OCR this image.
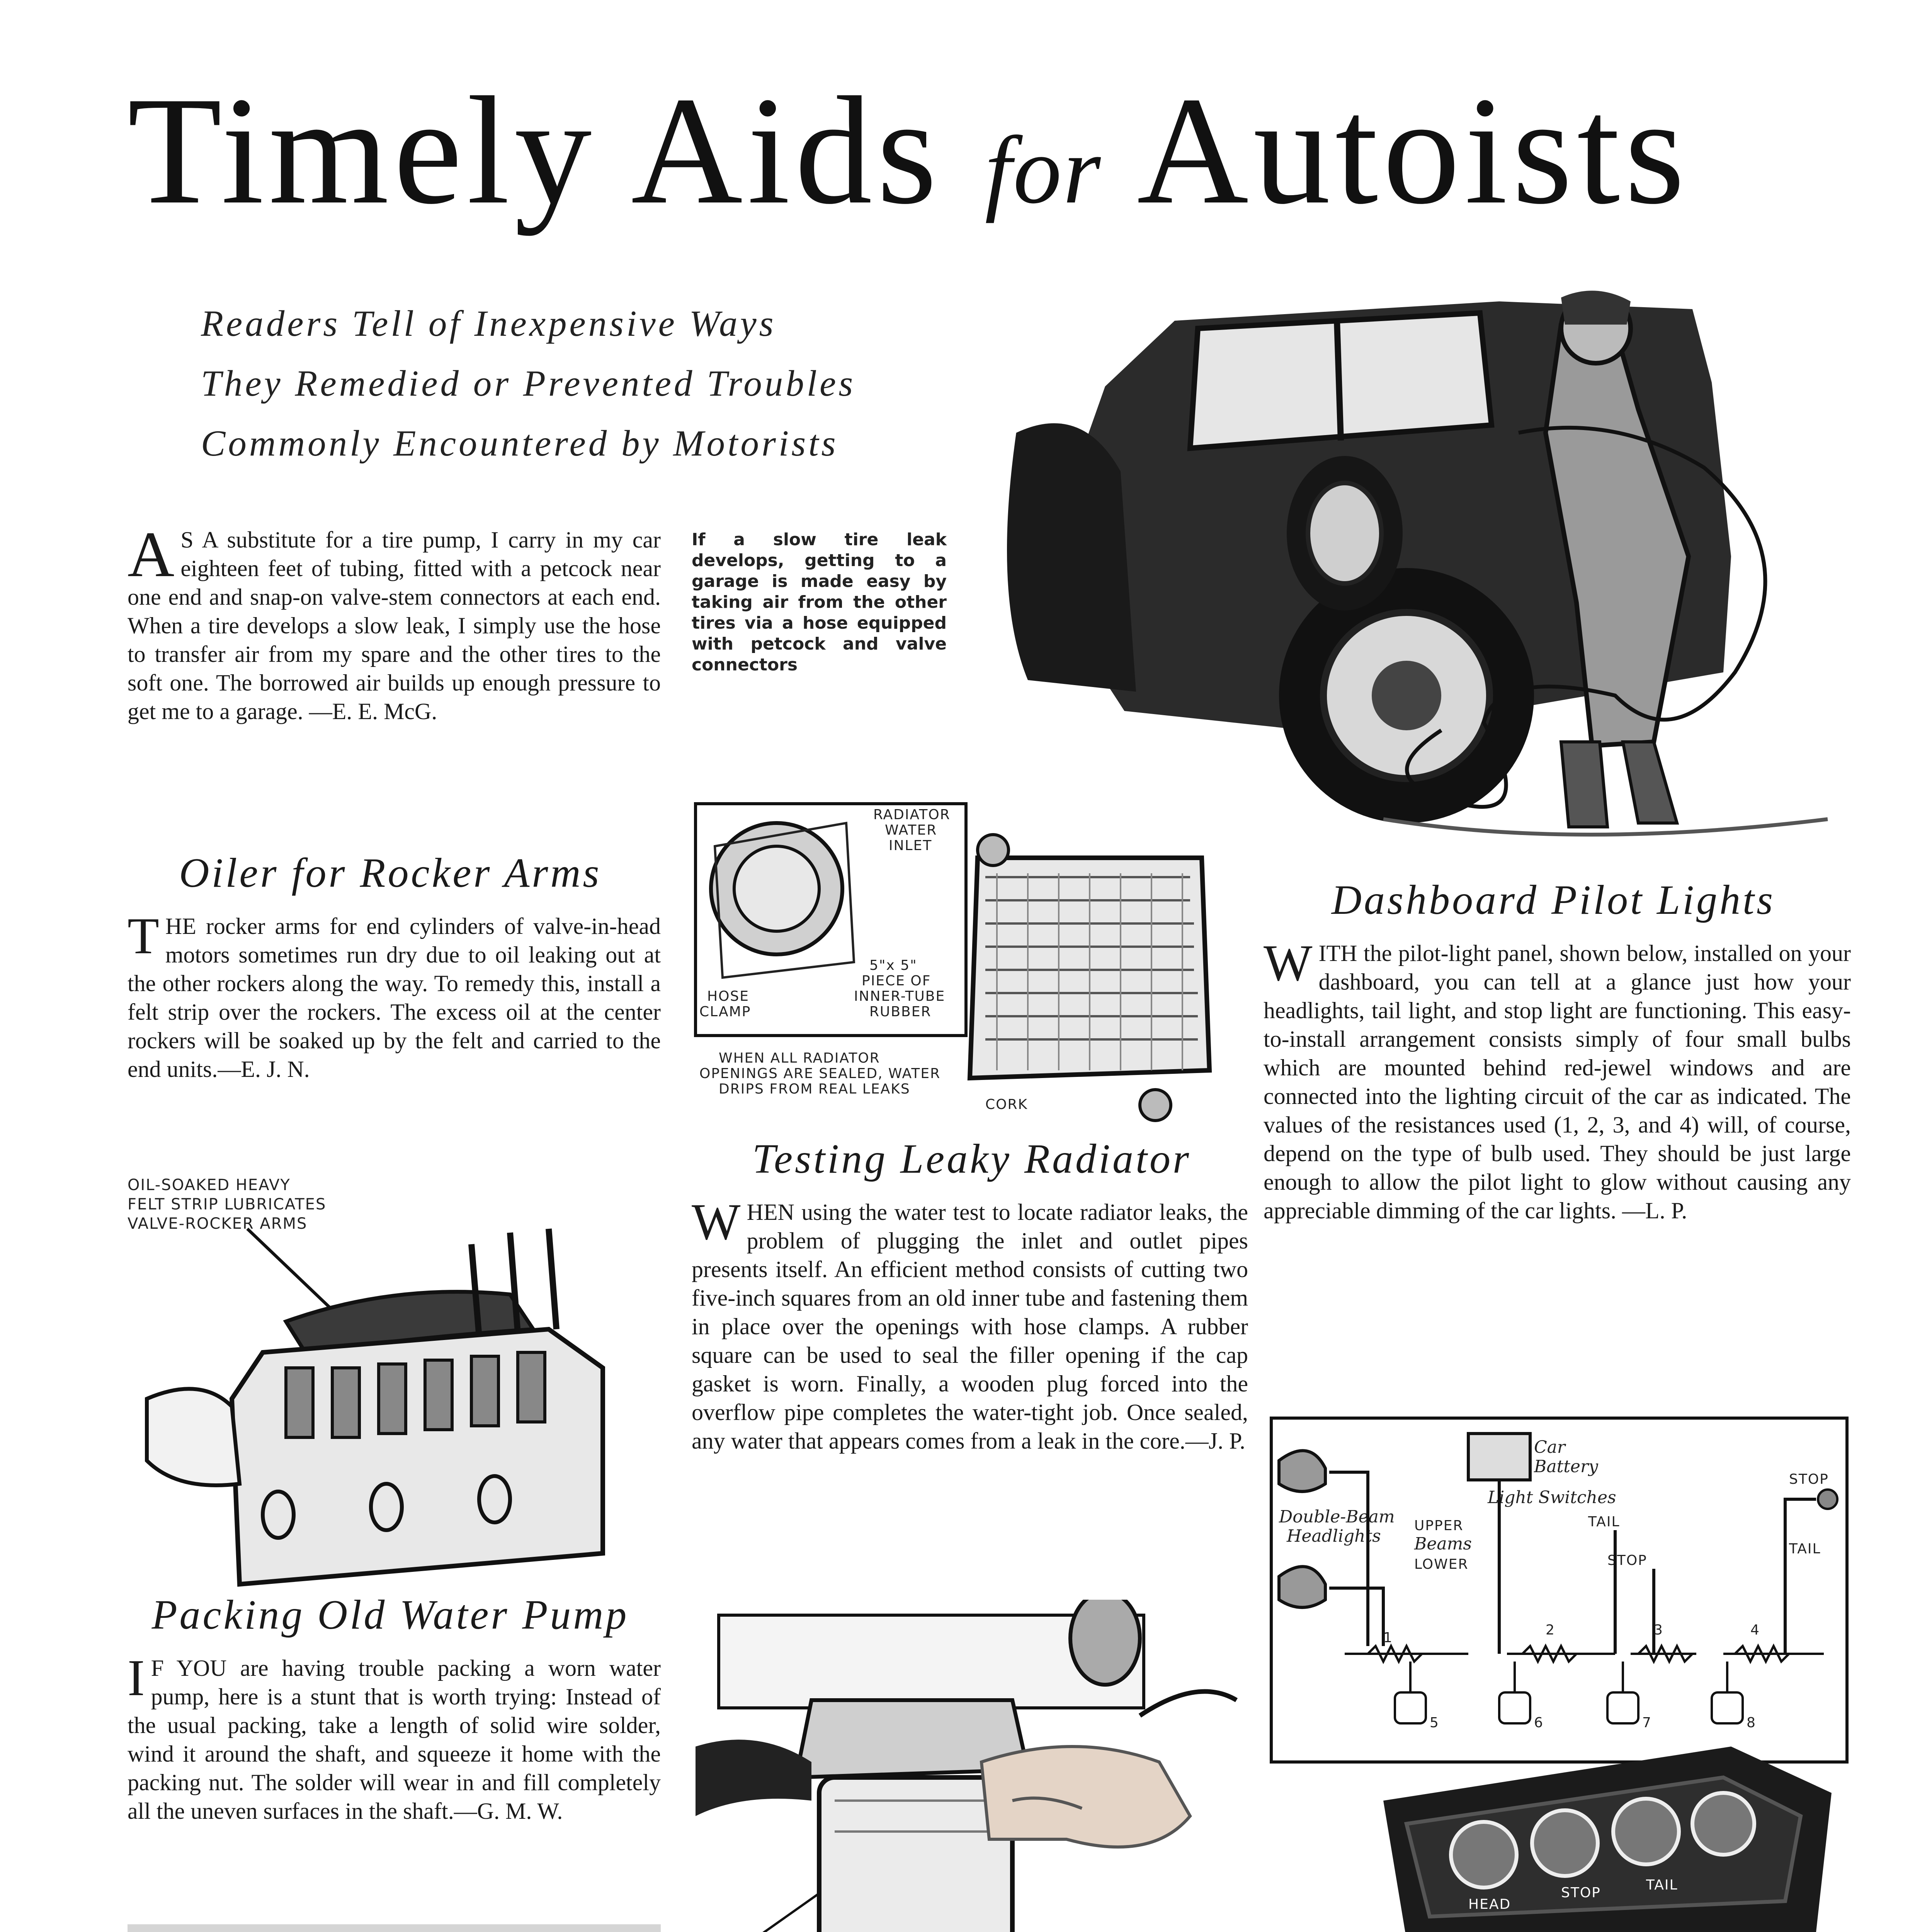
Timely Aids for Autoists
Readers Tell of Inexpensive Ways
They Remedied or Prevented Troubles
Commonly Encountered by Motorists
A S A substitute for a tire pump, I carry in my car eighteen feet of tubing, fitted with a petcock near one end and snap-on valve-stem connectors at each end. When a tire develops a slow leak, I simply use the hose to transfer air from my spare and the other tires to the soft one. The borrowed air builds up enough pressure to get me to a garage. —E. E. McG.

If a slow tire leak develops, getting to a garage is made easy by taking air from the other tires via a hose equipped with petcock and valve connectors
Oiler for Rocker Arms
T HE rocker arms for end cylinders of valve-in-head motors sometimes run dry due to oil leaking out at the other rockers along the way. To remedy this, install a felt strip over the rockers. The excess oil at the center rockers will be soaked up by the felt and carried to the end units.—E. J. N.

OIL-SOAKED HEAVY
FELT STRIP LUBRICATES
VALVE-ROCKER ARMS
Packing Old Water Pump
I F YOU are having trouble packing a worn water pump, here is a stunt that is worth trying: Instead of the usual packing, take a length of solid wire solder, wind it around the shaft, and squeeze it home with the packing nut. The solder will wear in and fill completely all the uneven surfaces in the shaft.—G. M. W.

RADIATOR
WATER
INLET
5"x 5"
PIECE OF
INNER-TUBE
RUBBER
HOSE
CLAMP
WHEN ALL RADIATOR
OPENINGS ARE SEALED, WATER
DRIPS FROM REAL LEAKS
CORK
Testing Leaky Radiator
W HEN using the water test to locate radiator leaks, the problem of plugging the inlet and outlet pipes presents itself. An efficient method consists of cutting two five-inch squares from an old inner tube and fastening them in place over the openings with hose clamps. A rubber square can be used to seal the filler opening if the cap gasket is worn. Finally, a wooden plug forced into the overflow pipe completes the water-tight job. Once sealed, any water that appears comes from a leak in the core.—J. P.

Dashboard Pilot Lights
W ITH the pilot-light panel, shown below, installed on your dashboard, you can tell at a glance just how your headlights, tail light, and stop light are functioning. This easy-to-install arrangement consists simply of four small bulbs which are mounted behind red-jewel windows and are connected into the lighting circuit of the car as indicated. The values of the resistances used (1, 2, 3, and 4) will, of course, depend on the type of bulb used. They should be just large enough to allow the pilot light to glow without causing any appreciable dimming of the car lights. —L. P.

Car
Battery
Light Switches
Double-Beam
Headlights
UPPER
Beams
LOWER
TAIL
STOP
STOP
TAIL
1	2	3	4
5	6	7	8
HEAD
STOP	TAIL
